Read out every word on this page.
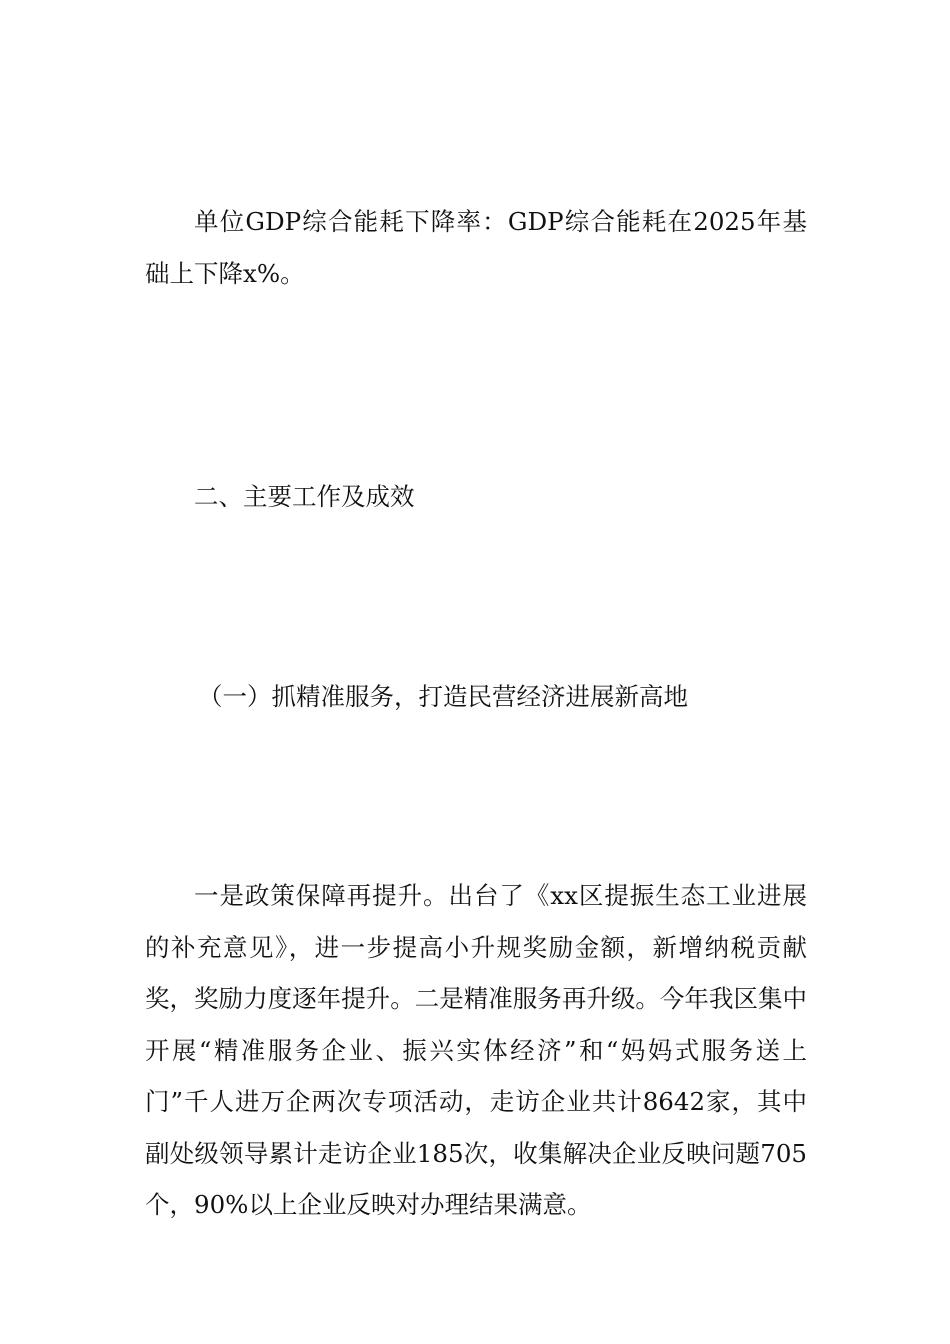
单位GDP综合能耗下降率：GDP综合能耗在2025年基础上下降x%。

二、主要工作及成效

（一）抓精准服务，打造民营经济进展新高地

一是政策保障再提升。出台了《xx区提振生态工业进展的补充意见》，进一步提高小升规奖励金额，新增纳税贡献奖，奖励力度逐年提升。二是精准服务再升级。今年我区集中开展“精准服务企业、振兴实体经济”和“妈妈式服务送上门”千人进万企两次专项活动，走访企业共计8642家，其中副处级领导累计走访企业185次，收集解决企业反映问题705个，90%以上企业反映对办理结果满意。
